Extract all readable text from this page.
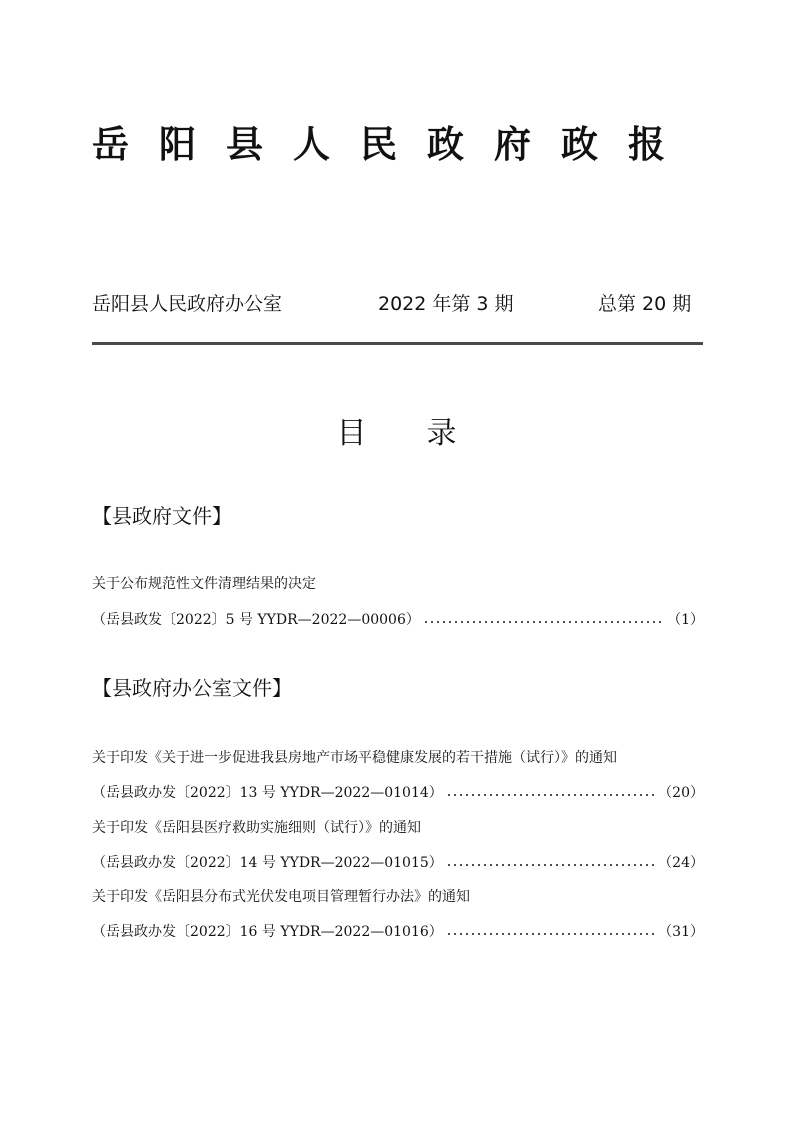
岳阳县人民政府政报
岳阳县人民政府办公室	2022 年第 3 期	总第 20 期
目录
【县政府文件】
关于公布规范性文件清理结果的决定
（岳县政发〔2022〕5 号 YYDR—2022—00006）	（1）
【县政府办公室文件】
关于印发《关于进一步促进我县房地产市场平稳健康发展的若干措施（试行）》的通知
（岳县政办发〔2022〕13 号 YYDR—2022—01014）	（20）
关于印发《岳阳县医疗救助实施细则（试行）》的通知
（岳县政办发〔2022〕14 号 YYDR—2022—01015）	（24）
关于印发《岳阳县分布式光伏发电项目管理暂行办法》的通知
（岳县政办发〔2022〕16 号 YYDR—2022—01016）	（31）
